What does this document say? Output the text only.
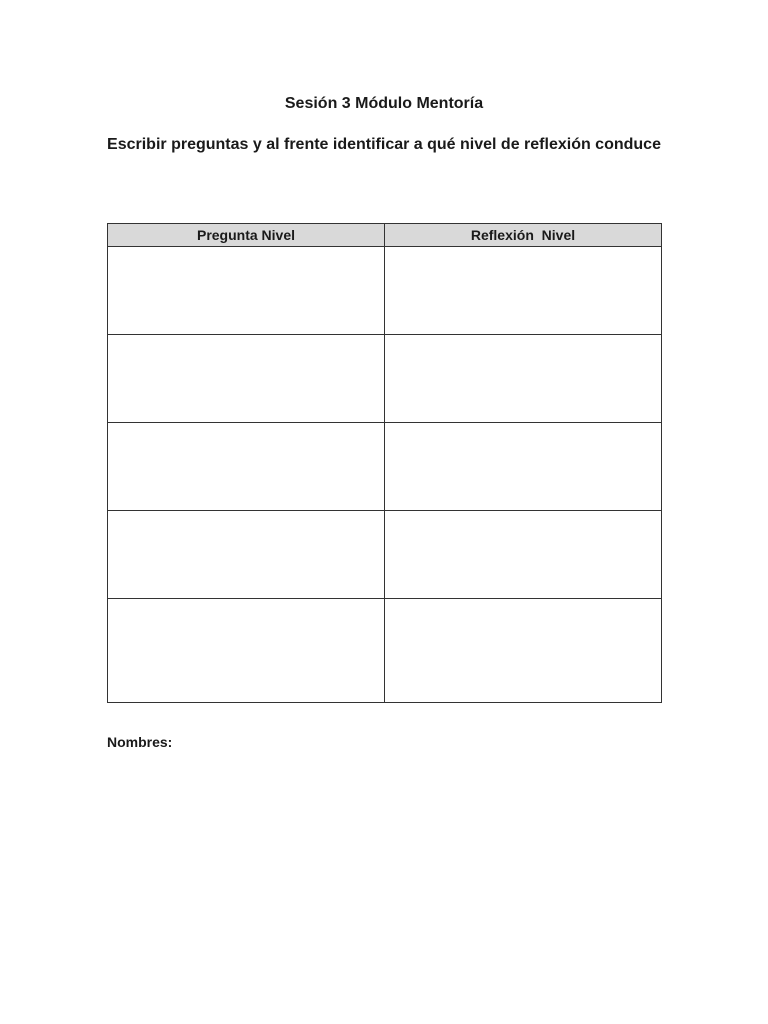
Sesión 3 Módulo Mentoría
Escribir preguntas y al frente identificar a qué nivel de reflexión conduce
Pregunta Nivel	Reflexión  Nivel

Nombres:
